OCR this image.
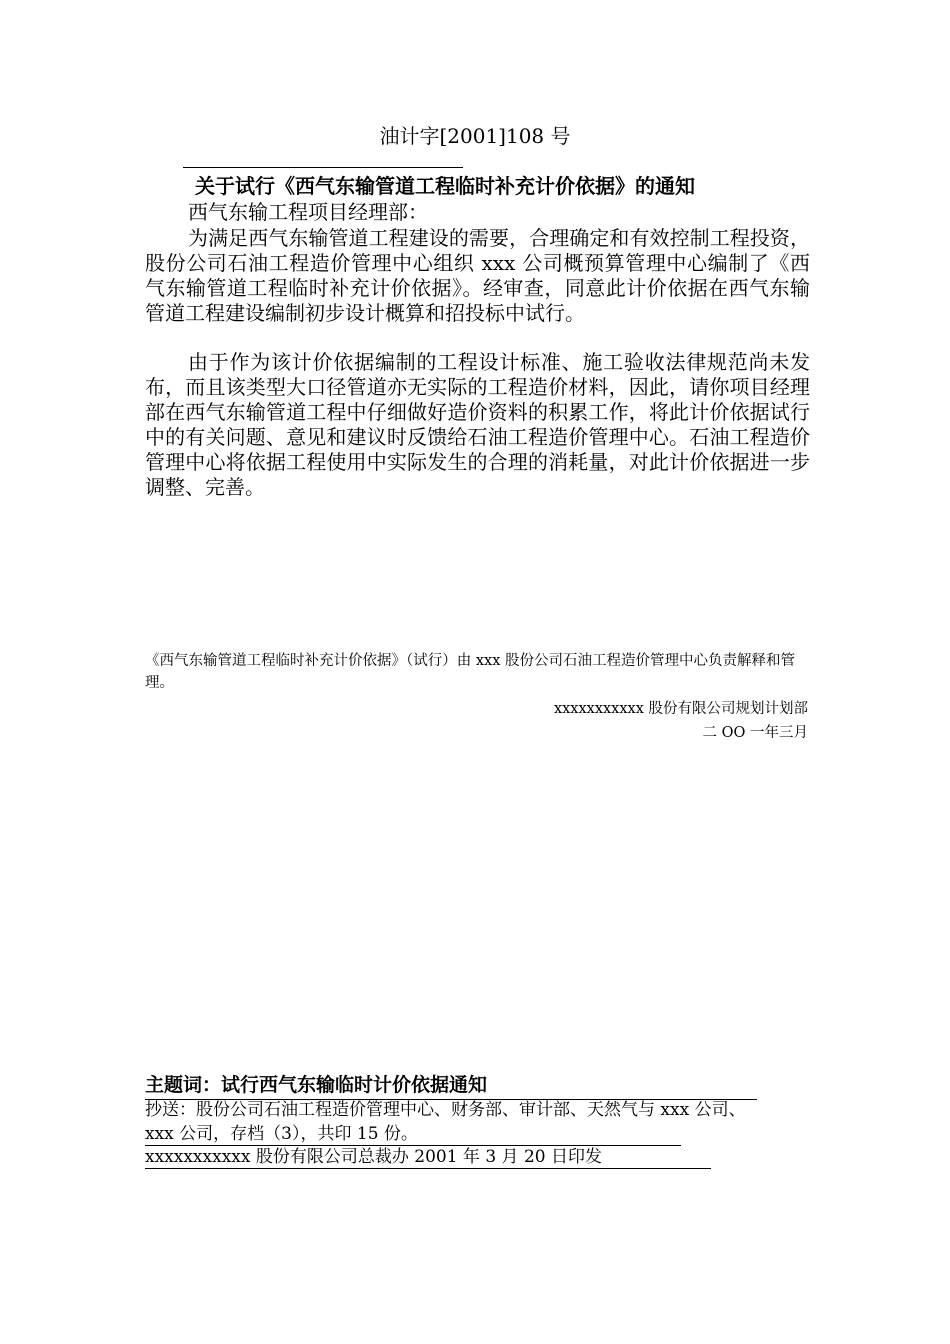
油计字[2001]108 号
关于试行《西气东输管道工程临时补充计价依据》的通知
西气东输工程项目经理部：
为满足西气东输管道工程建设的需要，合理确定和有效控制工程投资，股份公司石油工程造价管理中心组织 xxx 公司概预算管理中心编制了《西气东输管道工程临时补充计价依据》。经审查，同意此计价依据在西气东输管道工程建设编制初步设计概算和招投标中试行。
由于作为该计价依据编制的工程设计标准、施工验收法律规范尚未发布，而且该类型大口径管道亦无实际的工程造价材料，因此，请你项目经理部在西气东输管道工程中仔细做好造价资料的积累工作，将此计价依据试行中的有关问题、意见和建议时反馈给石油工程造价管理中心。石油工程造价管理中心将依据工程使用中实际发生的合理的消耗量，对此计价依据进一步调整、完善。
《西气东输管道工程临时补充计价依据》（试行）由 xxx 股份公司石油工程造价管理中心负责解释和管理。
xxxxxxxxxxx 股份有限公司规划计划部
二 OO 一年三月
主题词：试行西气东输临时计价依据通知
抄送：股份公司石油工程造价管理中心、财务部、审计部、天然气与 xxx 公司、
xxx 公司，存档（3），共印 15 份。
xxxxxxxxxxx 股份有限公司总裁办 2001 年 3 月 20 日印发
